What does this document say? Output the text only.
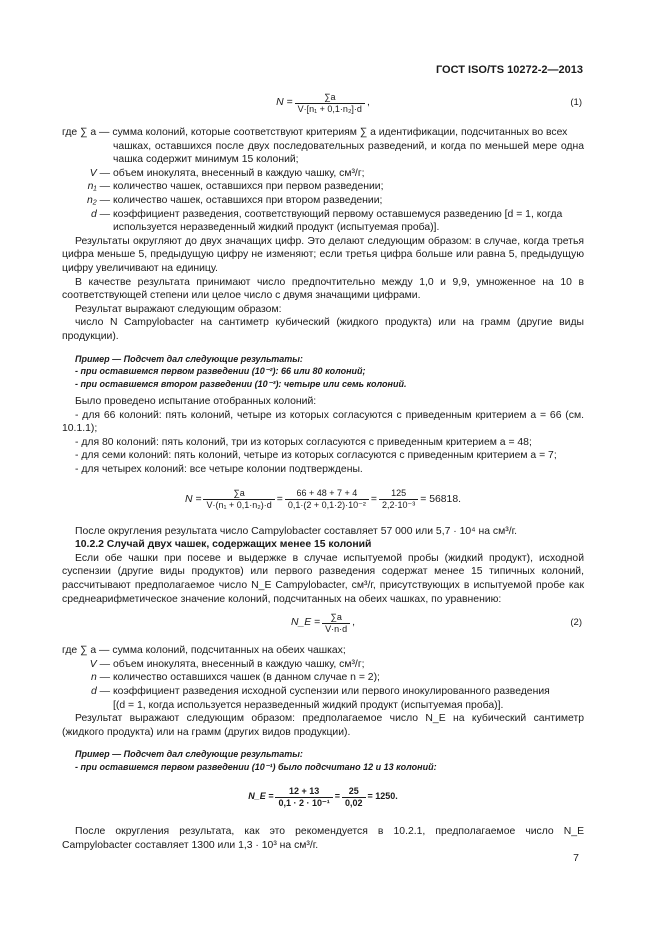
ГОСТ ISO/TS 10272-2—2013
$N = \frac{\sum a}{\text{V·[n₁ + 0,1·n₂]·d}}$ ,	(1)
где ∑ a — сумма колоний, которые соответствуют критериям ∑ a идентификации, подсчитанных во всех

чашках, оставшихся после двух последовательных разведений, и когда по меньшей мере одна чашка содержит минимум 15 колоний;

V — объем инокулята, внесенный в каждую чашку, см³/г;
n₁ — количество чашек, оставшихся при первом разведении;
n₂ — количество чашек, оставшихся при втором разведении;
d — коэффициент разведения, соответствующий первому оставшемуся разведению [d = 1, когда

используется неразведенный жидкий продукт (испытуемая проба)].

Результаты округляют до двух значащих цифр. Это делают следующим образом: в случае, когда третья цифра меньше 5, предыдущую цифру не изменяют; если третья цифра больше или равна 5, предыдущую цифру увеличивают на единицу.

В качестве результата принимают число предпочтительно между 1,0 и 9,9, умноженное на 10 в соответствующей степени или целое число с двумя значащими цифрами.

Результат выражают следующим образом:

число N Campylobacter на сантиметр кубический (жидкого продукта) или на грамм (другие виды продукции).

Пример — Подсчет дал следующие результаты:

- при оставшемся первом разведении (10⁻²): 66 или 80 колоний;

- при оставшемся втором разведении (10⁻³): четыре или семь колоний.

Было проведено испытание отобранных колоний:

- для 66 колоний: пять колоний, четыре из которых согласуются с приведенным критерием a = 66 (см. 10.1.1);

- для 80 колоний: пять колоний, три из которых согласуются с приведенным критерием a = 48;

- для семи колоний: пять колоний, четыре из которых согласуются с приведенным критерием a = 7;

- для четырех колоний: все четыре колонии подтверждены.

$N = \frac{\sum a}{\text{V·(n₁ + 0,1·n₂)·d}} = \frac{66 + 48 + 7 + 4}{\text{0,1·(2 + 0,1·2)·10⁻²}} = \frac{125}{\text{2,2·10⁻³}} = 56818$.

После округления результата число Campylobacter составляет 57 000 или 5,7 · 10⁴ на см³/г.

10.2.2 Случай двух чашек, содержащих менее 15 колоний

Если обе чашки при посеве и выдержке в случае испытуемой пробы (жидкий продукт), исходной суспензии (другие виды продуктов) или первого разведения содержат менее 15 типичных колоний, рассчитывают предполагаемое число N_E Campylobacter, см³/г, присутствующих в испытуемой пробе как среднеарифметическое значение колоний, подсчитанных на обеих чашках, по уравнению:

N_E = $\frac{\sum a}{V\cdot n\cdot d}$ ,	(2)
где ∑ a — сумма колоний, подсчитанных на обеих чашках;
V — объем инокулята, внесенный в каждую чашку, см³/г;
n — количество оставшихся чашек (в данном случае n = 2);
d — коэффициент разведения исходной суспензии или первого инокулированного разведения

[(d = 1, когда используется неразведенный жидкий продукт (испытуемая проба)].

Результат выражают следующим образом: предполагаемое число N_E на кубический сантиметр (жидкого продукта) или на грамм (других видов продукции).

Пример — Подсчет дал следующие результаты:

- при оставшемся первом разведении (10⁻¹) было подсчитано 12 и 13 колоний:

N_E = $\frac{12 + 13}{\text{0,1 · 2 · 10⁻¹}} = \frac{25}{0,02} = 1250$.

После округления результата, как это рекомендуется в 10.2.1, предполагаемое число N_E Campylobacter составляет 1300 или 1,3 · 10³ на см³/г.

7
